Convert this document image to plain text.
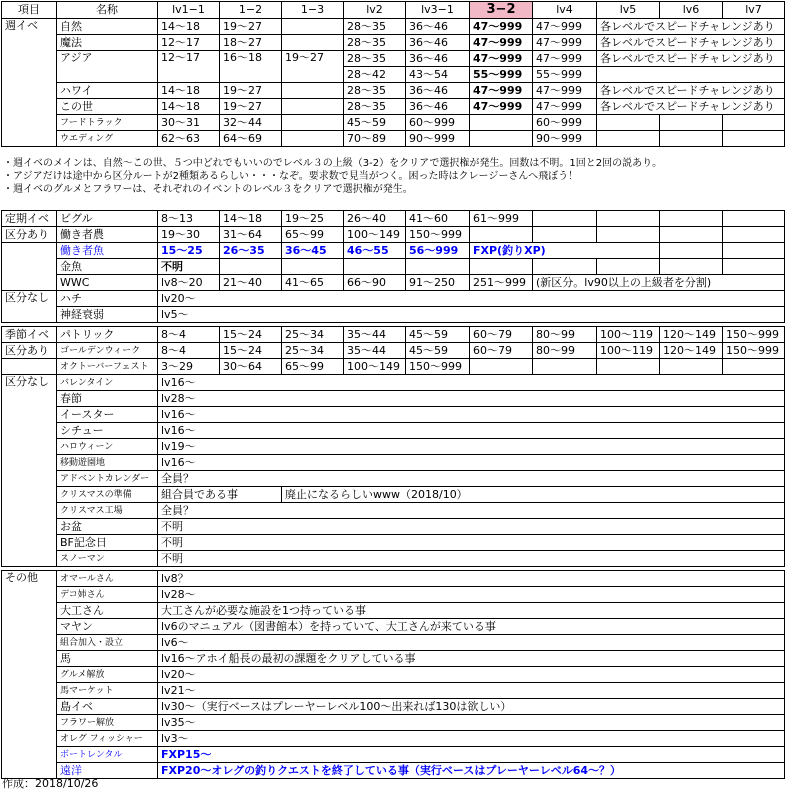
項目	名称	lv1−1	1−2	1−3	lv2	lv3−1	3−2	lv4	lv5	lv6	lv7
週イベ	自然	14～18	19～27		28～35	36～46	47～999	47～999	各レベルでスピードチャレンジあり		
	魔法	12～17	18～27		28～35	36～46	47～999	47～999	各レベルでスピードチャレンジあり		
	アジア	12～17	16～18	19～27	28～35	36～46	47～999	47～999	各レベルでスピードチャレンジあり		
					28～42	43～54	55～999	55～999			
	ハワイ	14～18	19～27		28～35	36～46	47～999	47～999	各レベルでスピードチャレンジあり		
	この世	14～18	19～27		28～35	36～46	47～999	47～999	各レベルでスピードチャレンジあり		
	フードトラック	30～31	32～44		45～59	60～999		60～999			
	ウエディング	62～63	64～69		70～89	90～999		90～999			
・週イベのメインは、自然～この世、５つ中どれでもいいのでレベル３の上級（3-2）をクリアで選択権が発生。回数は不明。1回と2回の説あり。
・アジアだけは途中から区分ルートが2種類あるらしい・・・なぞ。要求数で見当がつく。困った時はクレージーさんへ飛ぼう！
・週イベのグルメとフラワーは、それぞれのイベントのレベル３をクリアで選択権が発生。
定期イベ	ビグル	8～13	14～18	19～25	26～40	41～60	61～999				
区分あり	働き者農	19～30	31～64	65～99	100～149	150～999					
	働き者魚	15～25	26～35	36～45	46～55	56～999	FXP(釣りXP)				
	金魚	不明									
	WWC	lv8～20	21～40	41～65	66～90	91～250	251～999	(新区分。lv90以上の上級者を分割)			
区分なし	ハチ	lv20～									
	神経衰弱	lv5～									

季節イベ	パトリック	8～4	15～24	25～34	35～44	45～59	60～79	80～99	100～119	120～149	150～999
区分あり	ゴールデンウィーク	8～4	15～24	25～34	35～44	45～59	60～79	80～99	100～119	120～149	150～999
	オクトーバーフェスト	3～29	30～64	65～99	100～149	150～999					
区分なし	バレンタイン	lv16～									
	春節	lv28～									
	イースター	lv16～									
	シチュー	lv16～									
	ハロウィーン	lv19～									
	移動遊園地	lv16～									
	アドベントカレンダー	全員？									
	クリスマスの準備	組合員である事		廃止になるらしいwww（2018/10）							
	クリスマス工場	全員？									
	お盆	不明									
	BF記念日	不明									
	スノーマン	不明									

その他	オマールさん	lv8？									
	デコ姉さん	lv28～									
	大工さん	大工さんが必要な施設を1つ持っている事									
	マヤン	lv6のマニュアル（図書館本）を持っていて、大工さんが来ている事									
	組合加入・設立	lv6～									
	馬	lv16～アホイ船長の最初の課題をクリアしている事									
	グルメ解放	lv20～									
	馬マーケット	lv21～									
	島イベ	lv30～（実行ベースはプレーヤーレベル100～出来れば130は欲しい）									
	フラワー解放	lv35～									
	オレグ フィッシャー	lv3～									
	ボートレンタル	FXP15～									
	遠洋	FXP20～オレグの釣りクエストを終了している事（実行ベースはプレーヤーレベル64～？）									
作成：2018/10/26
